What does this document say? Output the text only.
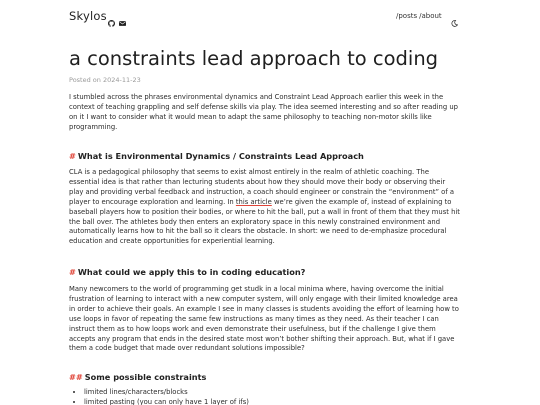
Skylos	/posts /about
a constraints lead approach to coding
Posted on 2024-11-23

I stumbled across the phrases environmental dynamics and Constraint Lead Approach earlier this week in the context of teaching grappling and self defense skills via play. The idea seemed interesting and so after reading up on it I want to consider what it would mean to adapt the same philosophy to teaching non-motor skills like programming.

# What is Environmental Dynamics / Constraints Lead Approach

CLA is a pedagogical philosophy that seems to exist almost entirely in the realm of athletic coaching. The essential idea is that rather than lecturing students about how they should move their body or observing their play and providing verbal feedback and instruction, a coach should engineer or constrain the “environment” of a player to encourage exploration and learning. In this article we’re given the example of, instead of explaining to baseball players how to position their bodies, or where to hit the ball, put a wall in front of them that they must hit the ball over. The athletes body then enters an exploratory space in this newly constrained environment and automatically learns how to hit the ball so it clears the obstacle. In short: we need to de-emphasize procedural education and create opportunities for experiential learning.

# What could we apply this to in coding education?

Many newcomers to the world of programming get studk in a local minima where, having overcome the initial frustration of learning to interact with a new computer system, will only engage with their limited knowledge area in order to achieve their goals. An example I see in many classes is students avoiding the effort of learning how to use loops in favor of repeating the same few instructions as many times as they need. As their teacher I can instruct them as to how loops work and even demonstrate their usefulness, but if the challenge I give them accepts any program that ends in the desired state most won’t bother shifting their approach. But, what if I gave them a code budget that made over redundant solutions impossible?

## Some possible constraints
• limited lines/characters/blocks
• limited pasting (you can only have 1 layer of ifs)
